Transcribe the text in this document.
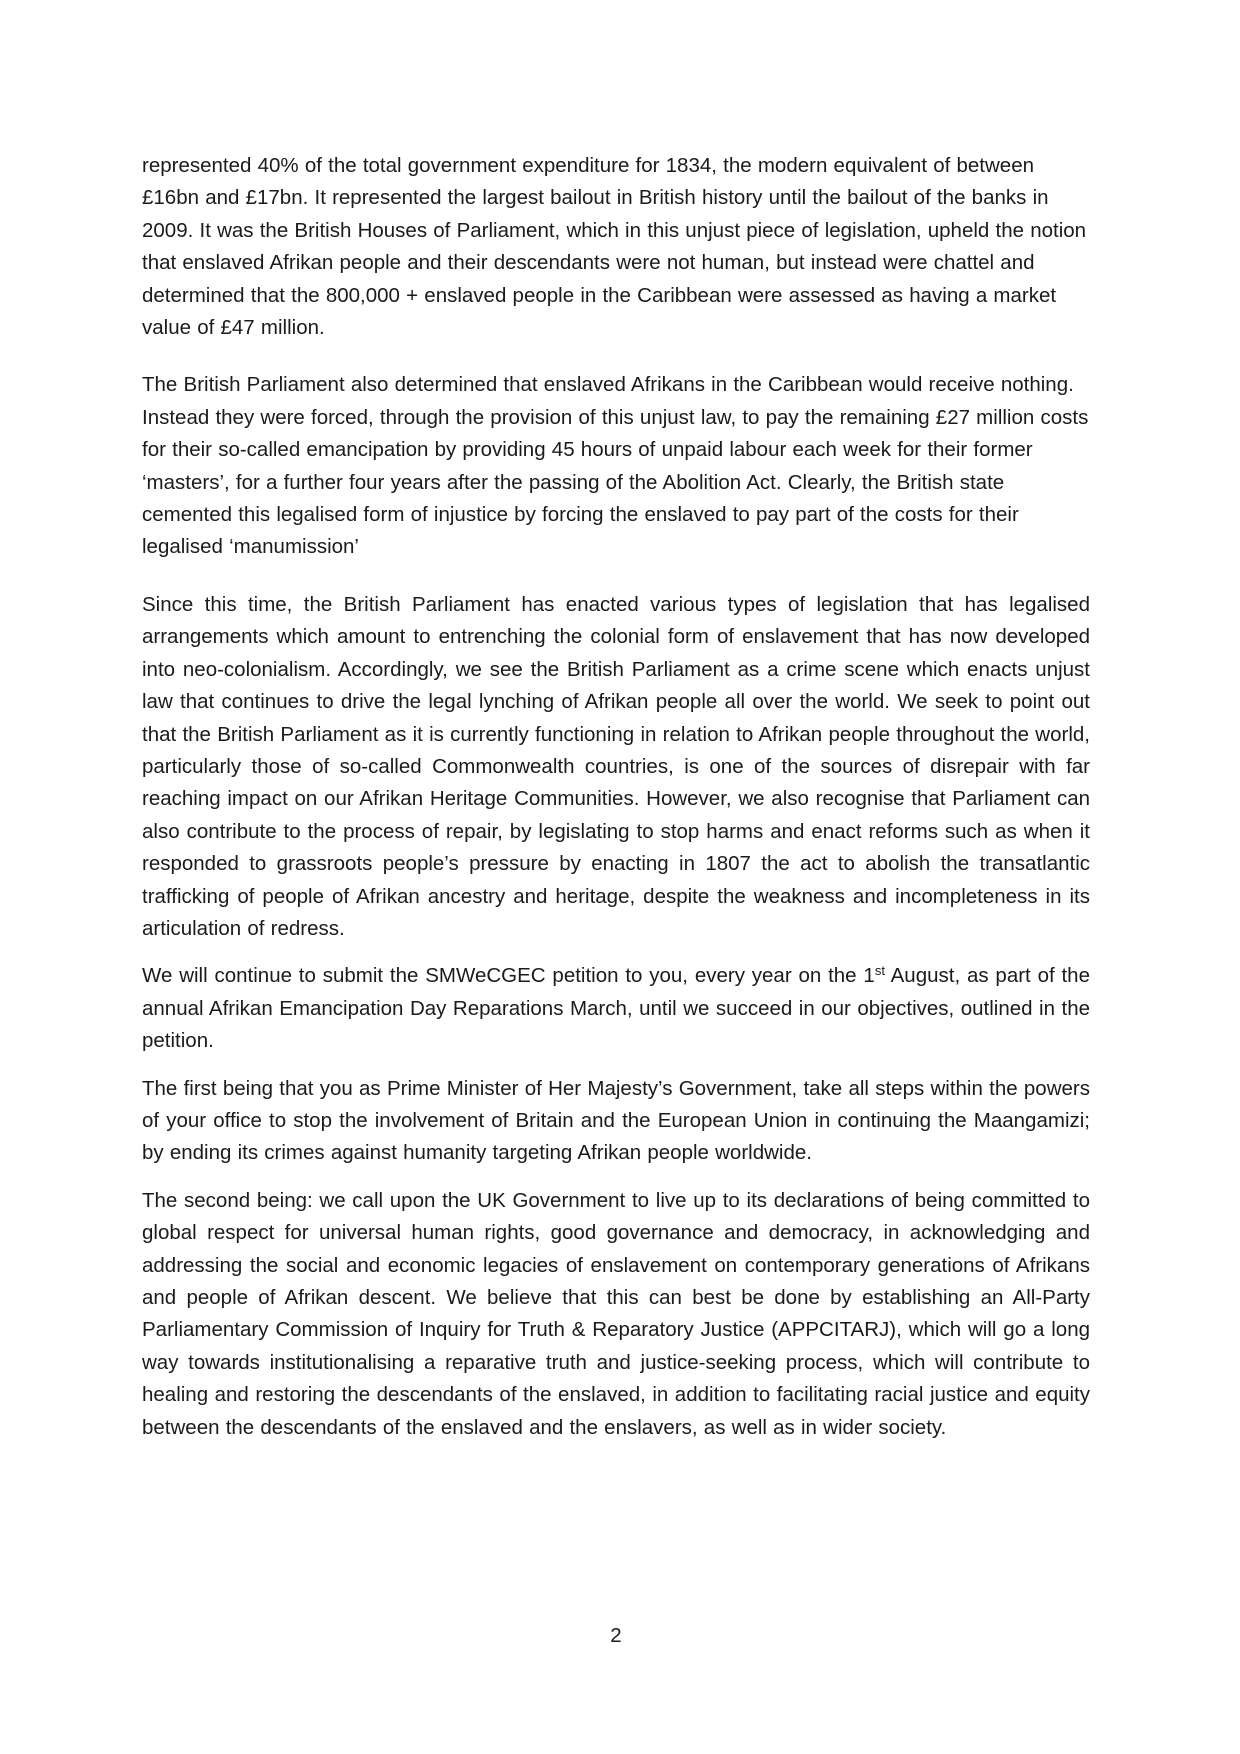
represented 40% of the total government expenditure for 1834, the modern equivalent of between £16bn and £17bn. It represented the largest bailout in British history until the bailout of the banks in 2009. It was the British Houses of Parliament, which in this unjust piece of legislation, upheld the notion that enslaved Afrikan people and their descendants were not human, but instead were chattel and determined that the 800,000 + enslaved people in the Caribbean were assessed as having a market value of £47 million.

The British Parliament also determined that enslaved Afrikans in the Caribbean would receive nothing. Instead they were forced, through the provision of this unjust law, to pay the remaining £27 million costs for their so-called emancipation by providing 45 hours of unpaid labour each week for their former ‘masters’, for a further four years after the passing of the Abolition Act. Clearly, the British state cemented this legalised form of injustice by forcing the enslaved to pay part of the costs for their legalised ‘manumission’

Since this time, the British Parliament has enacted various types of legislation that has legalised arrangements which amount to entrenching the colonial form of enslavement that has now developed into neo-colonialism. Accordingly, we see the British Parliament as a crime scene which enacts unjust law that continues to drive the legal lynching of Afrikan people all over the world. We seek to point out that the British Parliament as it is currently functioning in relation to Afrikan people throughout the world, particularly those of so-called Commonwealth countries, is one of the sources of disrepair with far reaching impact on our Afrikan Heritage Communities. However, we also recognise that Parliament can also contribute to the process of repair, by legislating to stop harms and enact reforms such as when it responded to grassroots people’s pressure by enacting in 1807 the act to abolish the transatlantic trafficking of people of Afrikan ancestry and heritage, despite the weakness and incompleteness in its articulation of redress.

We will continue to submit the SMWeCGEC petition to you, every year on the 1st August, as part of the annual Afrikan Emancipation Day Reparations March, until we succeed in our objectives, outlined in the petition.

The first being that you as Prime Minister of Her Majesty’s Government, take all steps within the powers of your office to stop the involvement of Britain and the European Union in continuing the Maangamizi; by ending its crimes against humanity targeting Afrikan people worldwide.

The second being: we call upon the UK Government to live up to its declarations of being committed to global respect for universal human rights, good governance and democracy, in acknowledging and addressing the social and economic legacies of enslavement on contemporary generations of Afrikans and people of Afrikan descent. We believe that this can best be done by establishing an All-Party Parliamentary Commission of Inquiry for Truth & Reparatory Justice (APPCITARJ), which will go a long way towards institutionalising a reparative truth and justice-seeking process, which will contribute to healing and restoring the descendants of the enslaved, in addition to facilitating racial justice and equity between the descendants of the enslaved and the enslavers, as well as in wider society.

2
